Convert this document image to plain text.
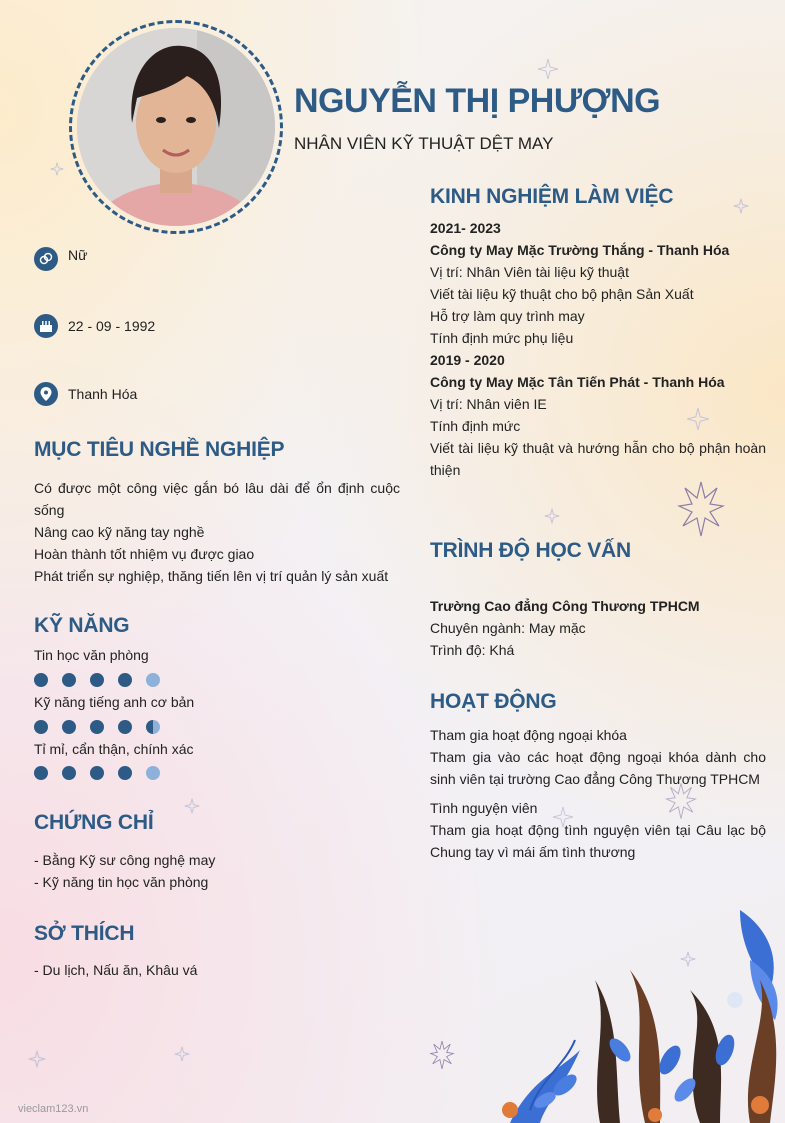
NGUYỄN THỊ PHƯỢNG
NHÂN VIÊN KỸ THUẬT DỆT MAY
Nữ
22 - 09 - 1992
Thanh Hóa
MỤC TIÊU NGHỀ NGHIỆP
Có được một công việc gắn bó lâu dài để ổn định cuộc sống
Nâng cao kỹ năng tay nghề
Hoàn thành tốt nhiệm vụ được giao
Phát triển sự nghiệp, thăng tiến lên vị trí quản lý sản xuất
KỸ NĂNG
Tin học văn phòng
Kỹ năng tiếng anh cơ bản
Tỉ mỉ, cẩn thận, chính xác
CHỨNG CHỈ
- Bằng Kỹ sư công nghệ may
- Kỹ năng tin học văn phòng
SỞ THÍCH
- Du lịch, Nấu ăn, Khâu vá
KINH NGHIỆM LÀM VIỆC
2021- 2023
Công ty May Mặc Trường Thắng - Thanh Hóa
Vị trí: Nhân Viên tài liệu kỹ thuật
Viết tài liệu kỹ thuật cho bộ phận Sản Xuất
Hỗ trợ làm quy trình may
Tính định mức phụ liệu
2019 - 2020
Công ty May Mặc Tân Tiến Phát - Thanh Hóa
Vị trí: Nhân viên IE
Tính định mức
Viết tài liệu kỹ thuật và hướng hẫn cho bộ phận hoàn thiện
TRÌNH ĐỘ HỌC VẤN
Trường Cao đẳng Công Thương TPHCM
Chuyên ngành: May mặc
Trình độ: Khá
HOẠT ĐỘNG
Tham gia hoạt động ngoại khóa
Tham gia vào các hoạt động ngoại khóa dành cho sinh viên tại trường Cao đẳng Công Thương TPHCM
Tình nguyện viên
Tham gia hoạt động tình nguyện viên tại Câu lạc bộ Chung tay vì mái ấm tình thương
vieclam123.vn
